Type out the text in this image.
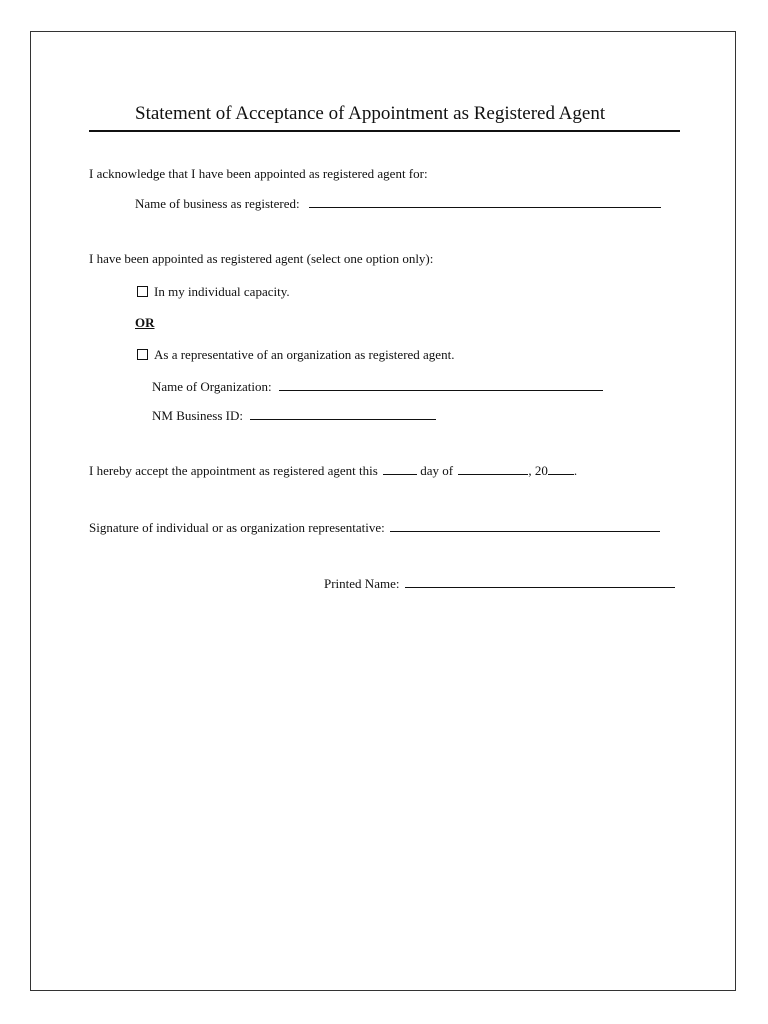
Statement of Acceptance of Appointment as Registered Agent
I acknowledge that I have been appointed as registered agent for:
Name of business as registered:
I have been appointed as registered agent (select one option only):
In my individual capacity.
OR
As a representative of an organization as registered agent.
Name of Organization:
NM Business ID:
I hereby accept the appointment as registered agent this	day of	, 20 .
Signature of individual or as organization representative:
Printed Name:
